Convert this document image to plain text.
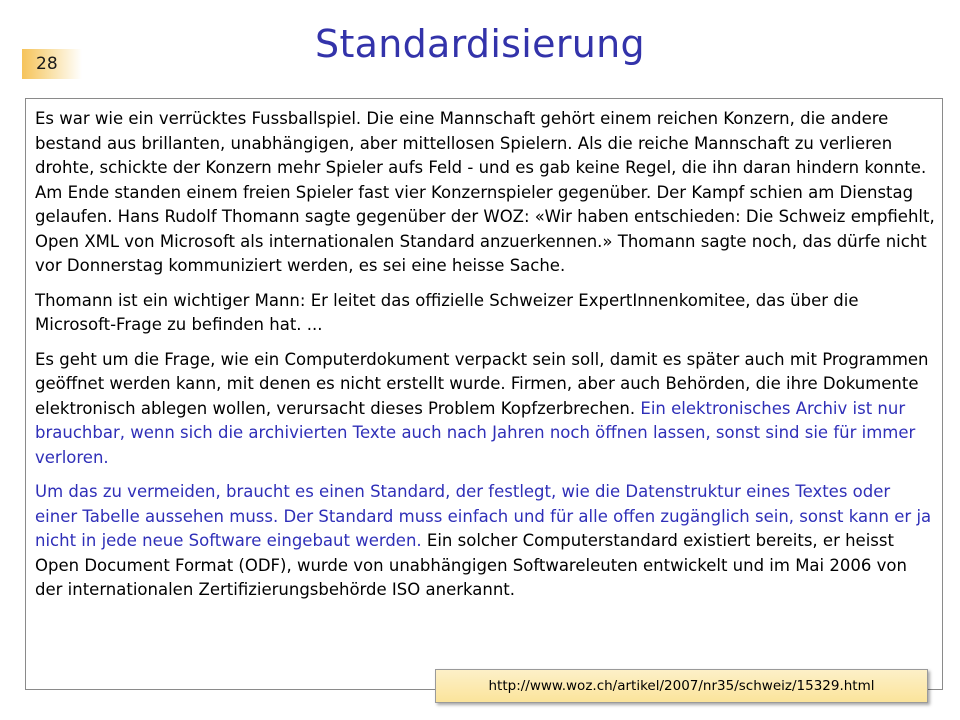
28	Standardisierung

Es war wie ein verrücktes Fussballspiel. Die eine Mannschaft gehört einem reichen Konzern, die andere bestand aus brillanten, unabhängigen, aber mittellosen Spielern. Als die reiche Mannschaft zu verlieren drohte, schickte der Konzern mehr Spieler aufs Feld - und es gab keine Regel, die ihn daran hindern konnte. Am Ende standen einem freien Spieler fast vier Konzernspieler gegenüber. Der Kampf schien am Dienstag gelaufen. Hans Rudolf Thomann sagte gegenüber der WOZ: «Wir haben entschieden: Die Schweiz empfiehlt, Open XML von Microsoft als internationalen Standard anzuerkennen.» Thomann sagte noch, das dürfe nicht vor Donnerstag kommuniziert werden, es sei eine heisse Sache.

Thomann ist ein wichtiger Mann: Er leitet das offizielle Schweizer ExpertInnenkomitee, das über die Microsoft-Frage zu befinden hat. ...

Es geht um die Frage, wie ein Computerdokument verpackt sein soll, damit es später auch mit Programmen geöffnet werden kann, mit denen es nicht erstellt wurde. Firmen, aber auch Behörden, die ihre Dokumente elektronisch ablegen wollen, verursacht dieses Problem Kopfzerbrechen. Ein elektronisches Archiv ist nur brauchbar, wenn sich die archivierten Texte auch nach Jahren noch öffnen lassen, sonst sind sie für immer verloren.

Um das zu vermeiden, braucht es einen Standard, der festlegt, wie die Datenstruktur eines Textes oder einer Tabelle aussehen muss. Der Standard muss einfach und für alle offen zugänglich sein, sonst kann er ja nicht in jede neue Software eingebaut werden. Ein solcher Computerstandard existiert bereits, er heisst Open Document Format (ODF), wurde von unabhängigen Softwareleuten entwickelt und im Mai 2006 von der internationalen Zertifizierungsbehörde ISO anerkannt.

http://www.woz.ch/artikel/2007/nr35/schweiz/15329.html
